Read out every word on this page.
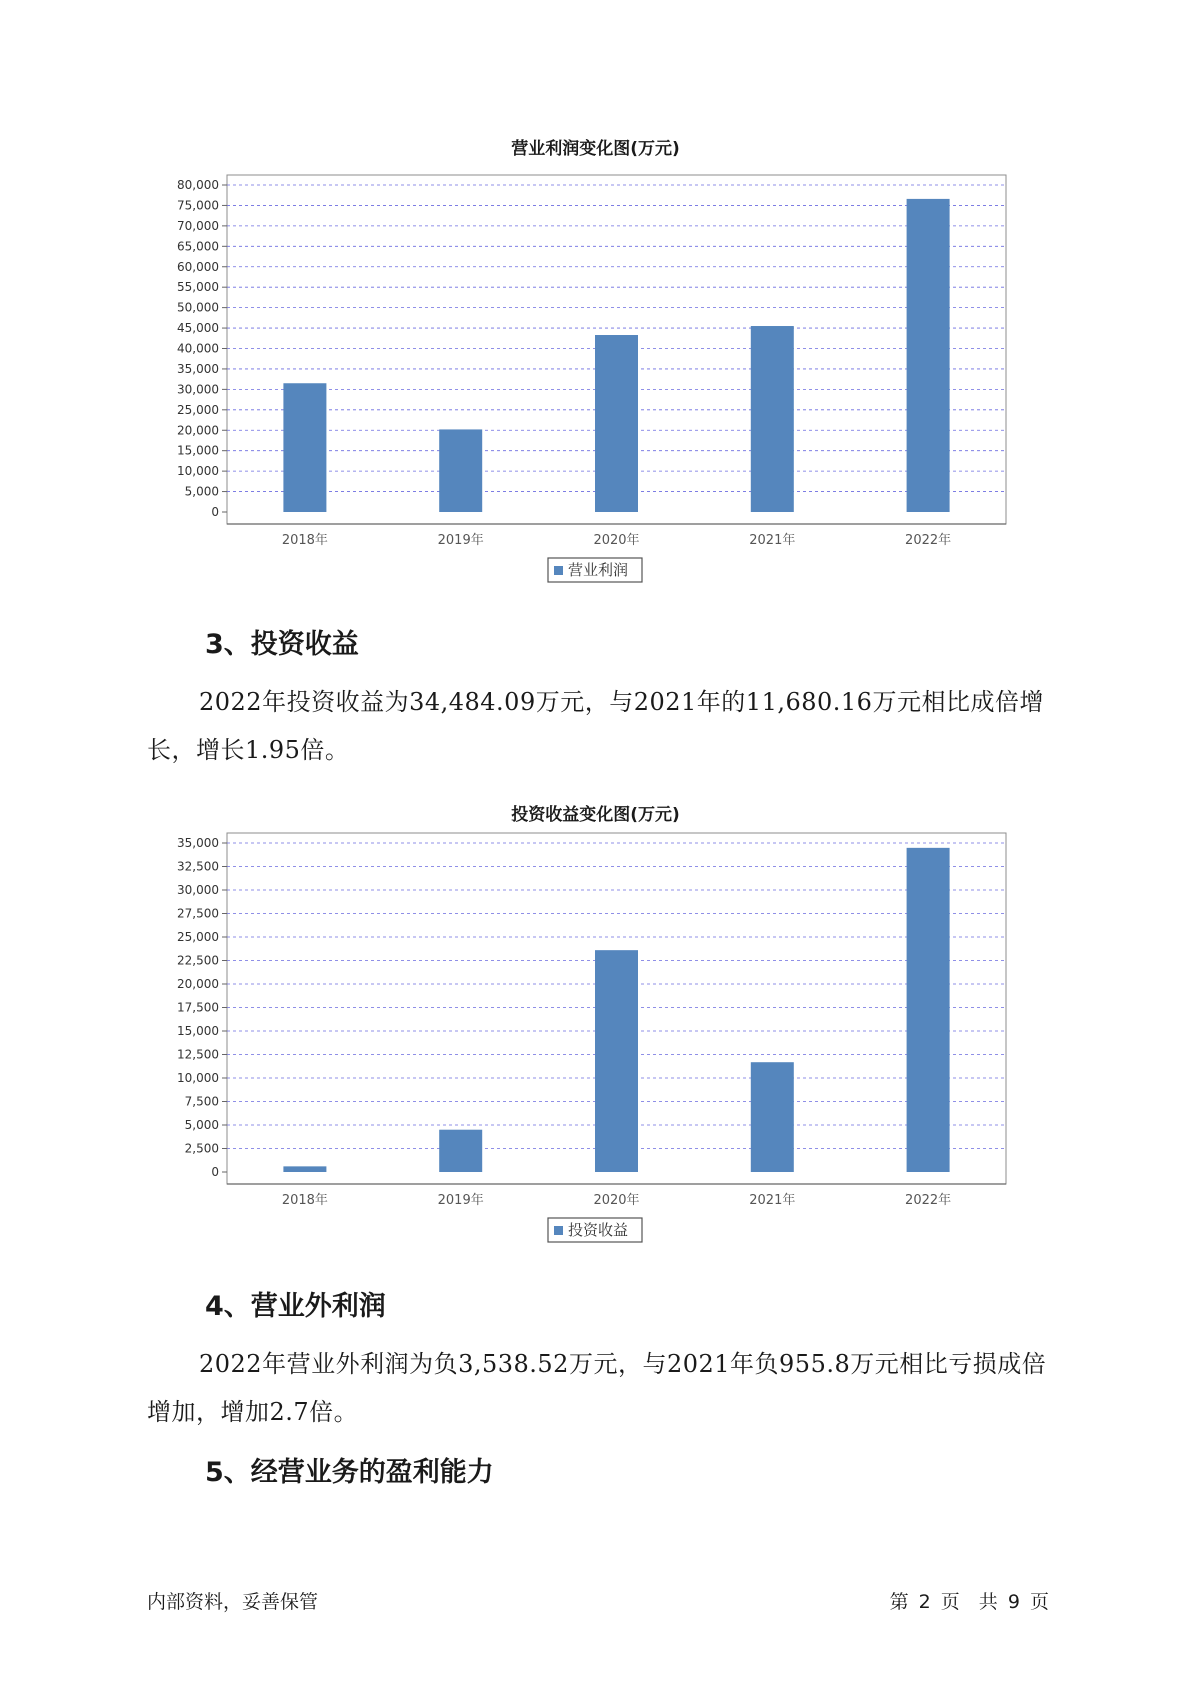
营业利润变化图(万元)
0
5,000
10,000
15,000
20,000
25,000
30,000
35,000
40,000
45,000
50,000
55,000
60,000
65,000
70,000
75,000
80,000
2018年	2019年	2020年	2021年	2022年
营业利润
3、投资收益

2022年投资收益为34,484.09万元，与2021年的11,680.16万元相比成倍增长，增长1.95倍。

投资收益变化图(万元)
0
2,500
5,000
7,500
10,000
12,500
15,000
17,500
20,000
22,500
25,000
27,500
30,000
32,500
35,000
2018年	2019年	2020年	2021年	2022年
投资收益
4、营业外利润

2022年营业外利润为负3,538.52万元，与2021年负955.8万元相比亏损成倍增加，增加2.7倍。

5、经营业务的盈利能力
内部资料，妥善保管	第 2 页　共 9 页
